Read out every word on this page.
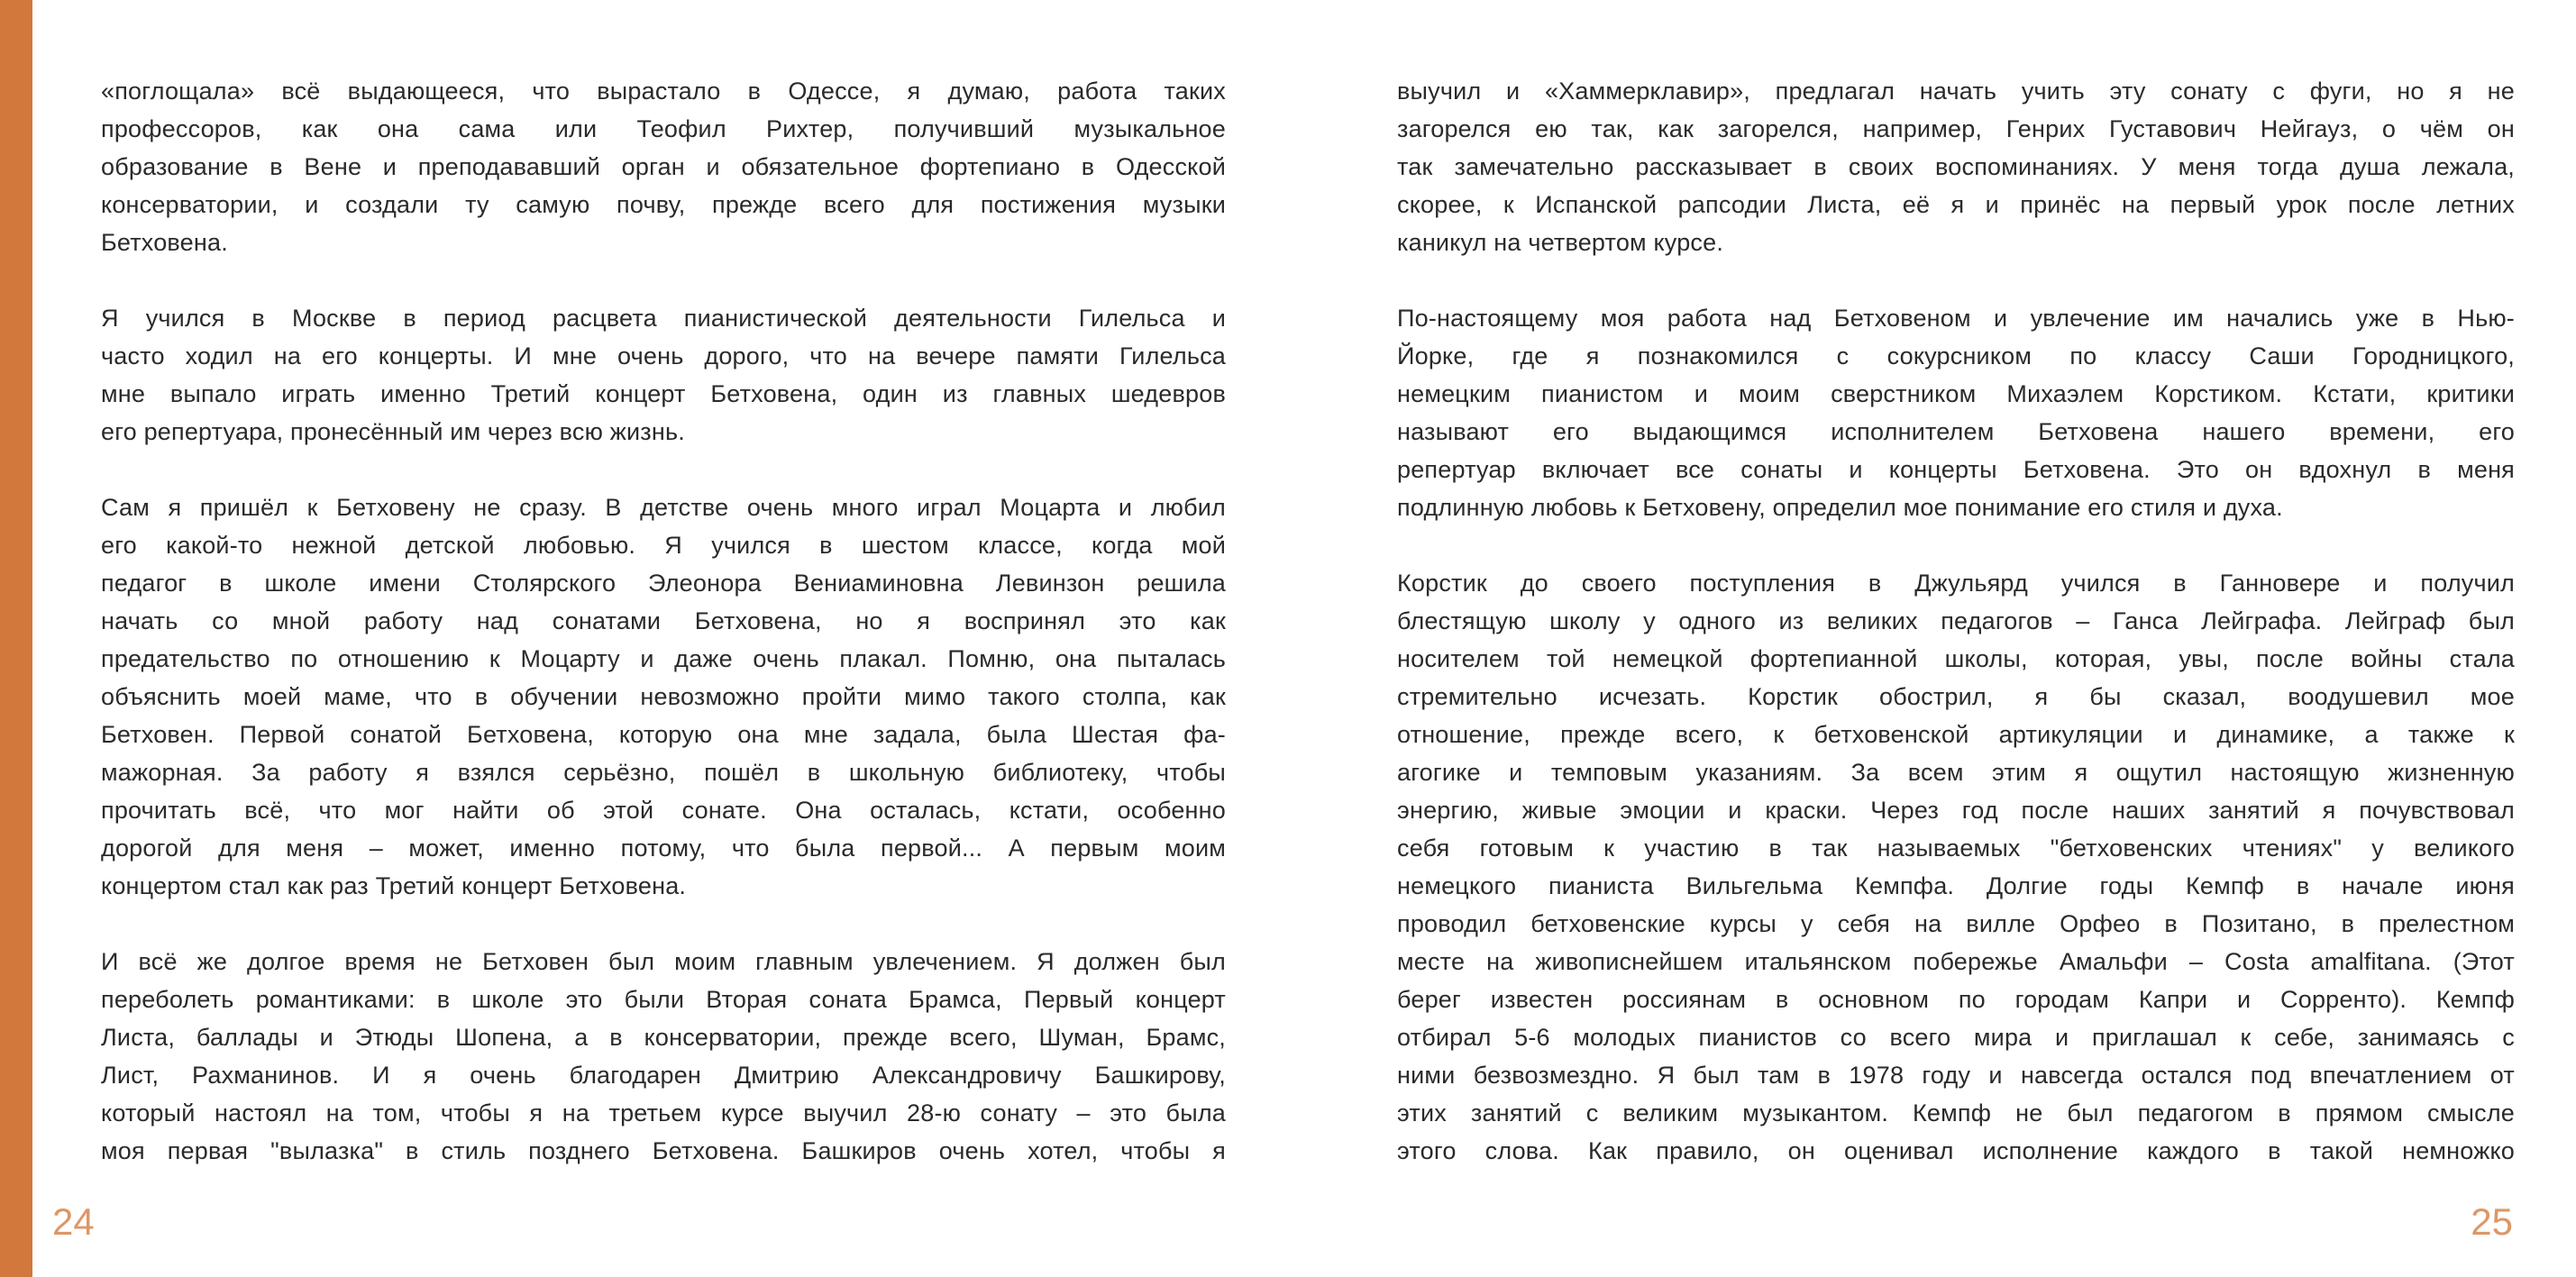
«поглощала» всё выдающееся, что вырастало в Одессе, я думаю, работа таких
профессоров, как она сама или Теофил Рихтер, получивший музыкальное
образование в Вене и преподававший орган и обязательное фортепиано в Одесской
консерватории, и создали ту самую почву, прежде всего для постижения музыки
Бетховена.
Я учился в Москве в период расцвета пианистической деятельности Гилельса и
часто ходил на его концерты. И мне очень дорого, что на вечере памяти Гилельса
мне выпало играть именно Третий концерт Бетховена, один из главных шедевров
его репертуара, пронесённый им через всю жизнь.
Сам я пришёл к Бетховену не сразу. В детстве очень много играл Моцарта и любил
его какой-то нежной детской любовью. Я учился в шестом классе, когда мой
педагог в школе имени Столярского Элеонора Вениаминовна Левинзон решила
начать со мной работу над сонатами Бетховена, но я воспринял это как
предательство по отношению к Моцарту и даже очень плакал. Помню, она пыталась
объяснить моей маме, что в обучении невозможно пройти мимо такого столпа, как
Бетховен. Первой сонатой Бетховена, которую она мне задала, была Шестая фа-
мажорная. За работу я взялся серьёзно, пошёл в школьную библиотеку, чтобы
прочитать всё, что мог найти об этой сонате. Она осталась, кстати, особенно
дорогой для меня – может, именно потому, что была первой... А первым моим
концертом стал как раз Третий концерт Бетховена.
И всё же долгое время не Бетховен был моим главным увлечением. Я должен был
переболеть романтиками: в школе это были Вторая соната Брамса, Первый концерт
Листа, баллады и Этюды Шопена, а в консерватории, прежде всего, Шуман, Брамс,
Лист, Рахманинов. И я очень благодарен Дмитрию Александровичу Башкирову,
который настоял на том, чтобы я на третьем курсе выучил 28-ю сонату – это была
моя первая "вылазка" в стиль позднего Бетховена. Башкиров очень хотел, чтобы я
24
выучил и «Хаммерклавир», предлагал начать учить эту сонату с фуги, но я не
загорелся ею так, как загорелся, например, Генрих Густавович Нейгауз, о чём он
так замечательно рассказывает в своих воспоминаниях. У меня тогда душа лежала,
скорее, к Испанской рапсодии Листа, её я и принёс на первый урок после летних
каникул на четвертом курсе.
По-настоящему моя работа над Бетховеном и увлечение им начались уже в Нью-
Йорке, где я познакомился с сокурсником по классу Саши Городницкого,
немецким пианистом и моим сверстником Михаэлем Корстиком. Кстати, критики
называют его выдающимся исполнителем Бетховена нашего времени, его
репертуар включает все сонаты и концерты Бетховена. Это он вдохнул в меня
подлинную любовь к Бетховену, определил мое понимание его стиля и духа.
Корстик до своего поступления в Джульярд учился в Ганновере и получил
блестящую школу у одного из великих педагогов – Ганса Лейграфа. Лейграф был
носителем той немецкой фортепианной школы, которая, увы, после войны стала
стремительно исчезать. Корстик обострил, я бы сказал, воодушевил мое
отношение, прежде всего, к бетховенской артикуляции и динамике, а также к
агогике и темповым указаниям. За всем этим я ощутил настоящую жизненную
энергию, живые эмоции и краски. Через год после наших занятий я почувствовал
себя готовым к участию в так называемых "бетховенских чтениях" у великого
немецкого пианиста Вильгельма Кемпфа. Долгие годы Кемпф в начале июня
проводил бетховенские курсы у себя на вилле Орфео в Позитано, в прелестном
месте на живописнейшем итальянском побережье Амальфи – Costa amalfitana. (Этот
берег известен россиянам в основном по городам Капри и Сорренто). Кемпф
отбирал 5-6 молодых пианистов со всего мира и приглашал к себе, занимаясь с
ними безвозмездно. Я был там в 1978 году и навсегда остался под впечатлением от
этих занятий с великим музыкантом. Кемпф не был педагогом в прямом смысле
этого слова. Как правило, он оценивал исполнение каждого в такой немножко
25
